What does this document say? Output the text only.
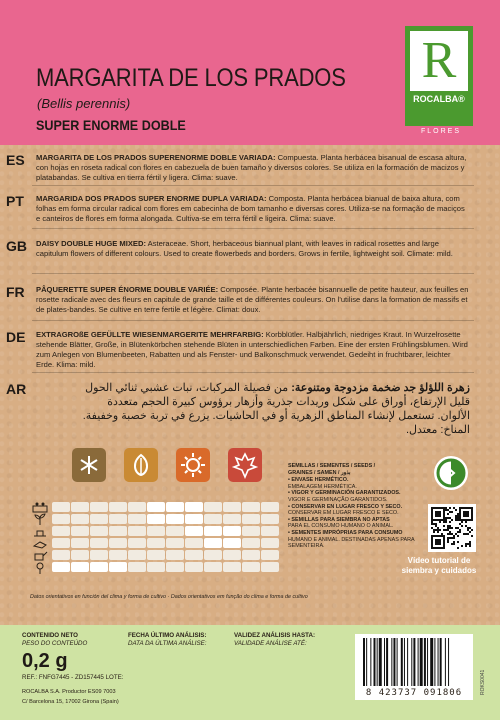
MARGARITA DE LOS PRADOS
(Bellis perennis)
SUPER ENORME DOBLE
R
ROCALBA®
FLORES
ES MARGARITA DE LOS PRADOS SUPERENORME DOBLE VARIADA: Compuesta. Planta herbácea bisanual de escasa altura, con hojas en roseta radical con flores en cabezuela de buen tamaño y diversos colores. Se utiliza en la formación de macizos y platabandas. Se cultiva en tierra fértil y ligera. Clima: suave.
PT MARGARIDA DOS PRADOS SUPER ENORME DUPLA VARIADA: Composta. Planta herbácea bianual de baixa altura, com folhas em forma circular radical com flores em cabecinha de bom tamanho e diversas cores. Utiliza-se na formação de maciços e canteiros de flores em forma alongada. Cultiva-se em terra fértil e ligeira. Clima: suave.
GB DAISY DOUBLE HUGE MIXED: Asteraceae. Short, herbaceous biannual plant, with leaves in radical rosettes and large capitulum flowers of different colours. Used to create flowerbeds and borders. Grows in fertile, lightweight soil. Climate: mild.
FR PÂQUERETTE SUPER ÉNORME DOUBLE VARIÉE: Composée. Plante herbacée bisannuelle de petite hauteur, aux feuilles en rosette radicale avec des fleurs en capitule de grande taille et de différentes couleurs. On l'utilise dans la formation de massifs et de plates-bandes. Se cultive en terre fertile et légère. Climat: doux.
DE EXTRAGROßE GEFÜLLTE WIESENMARGERITE MEHRFARBIG: Korbblütler. Halbjährlich, niedriges Kraut. In Wurzelrosette stehende Blätter, Große, in Blütenkörbchen stehende Blüten in unterschiedlichen Farben. Eine der ersten Frühlingsblumen. Wird zum Anlegen von Blumenbeeten, Rabatten und als Fenster- und Balkonschmuck verwendet. Gedeiht in fruchtbarer, leichter Erde. Klima: mild.
AR	زهرة اللؤلؤ جد ضخمة مزدوجة ومتنوعة: من فصيلة المركبات، نبات عشبي ثنائي الحول قليل الإرتفاع، أوراق على شكل وريدات جذرية وأزهار برؤوس كبيرة الحجم متعددة الألوان. تستعمل لإنشاء المناطق الزهرية أو في الحاشيات. يزرع في تربة خصبة وخفيفة. المناخ: معتدل.
SEMILLAS / SEMENTES / SEEDS /
GRAINES / SAMEN / بذور
• ENVASE HERMÉTICO.
EMBALAGEM HERMÉTICA.
• VIGOR Y GERMINACIÓN GARANTIZADOS.
VIGOR E GERMINAÇÃO GARANTIDOS.
• CONSERVAR EN LUGAR FRESCO Y SECO.
CONSERVAR EM LUGAR FRESCO E SECO.
• SEMILLAS PARA SIEMBRA NO APTAS
PARA EL CONSUMO HUMANO O ANIMAL.
• SEMENTES IMPRÓPRIAS PARA CONSUMO
HUMANO E ANIMAL. DESTINADAS APENAS PARA SEMENTEIRA.
Vídeo tutorial de
siembra y cuidados
Datos orientativos en función del clima y forma de cultivo · Dados orientativos em função do clima e forma de cultivo
CONTENIDO NETO
PESO DO CONTEÚDO
0,2 g
REF.: FNFG7445 - ZD157445 LOTE:
ROCALBA S.A. Productor ES09 7003
C/ Barcelona 15, 17002 Girona (Spain)
FECHA ÚLTIMO ANÁLISIS:
DATA DA ÚLTIMA ANÁLISE:
VALIDEZ ANÁLISIS HASTA:
VALIDADE ANÁLISE ATÉ:
8 423737 091806	ROKS0041
